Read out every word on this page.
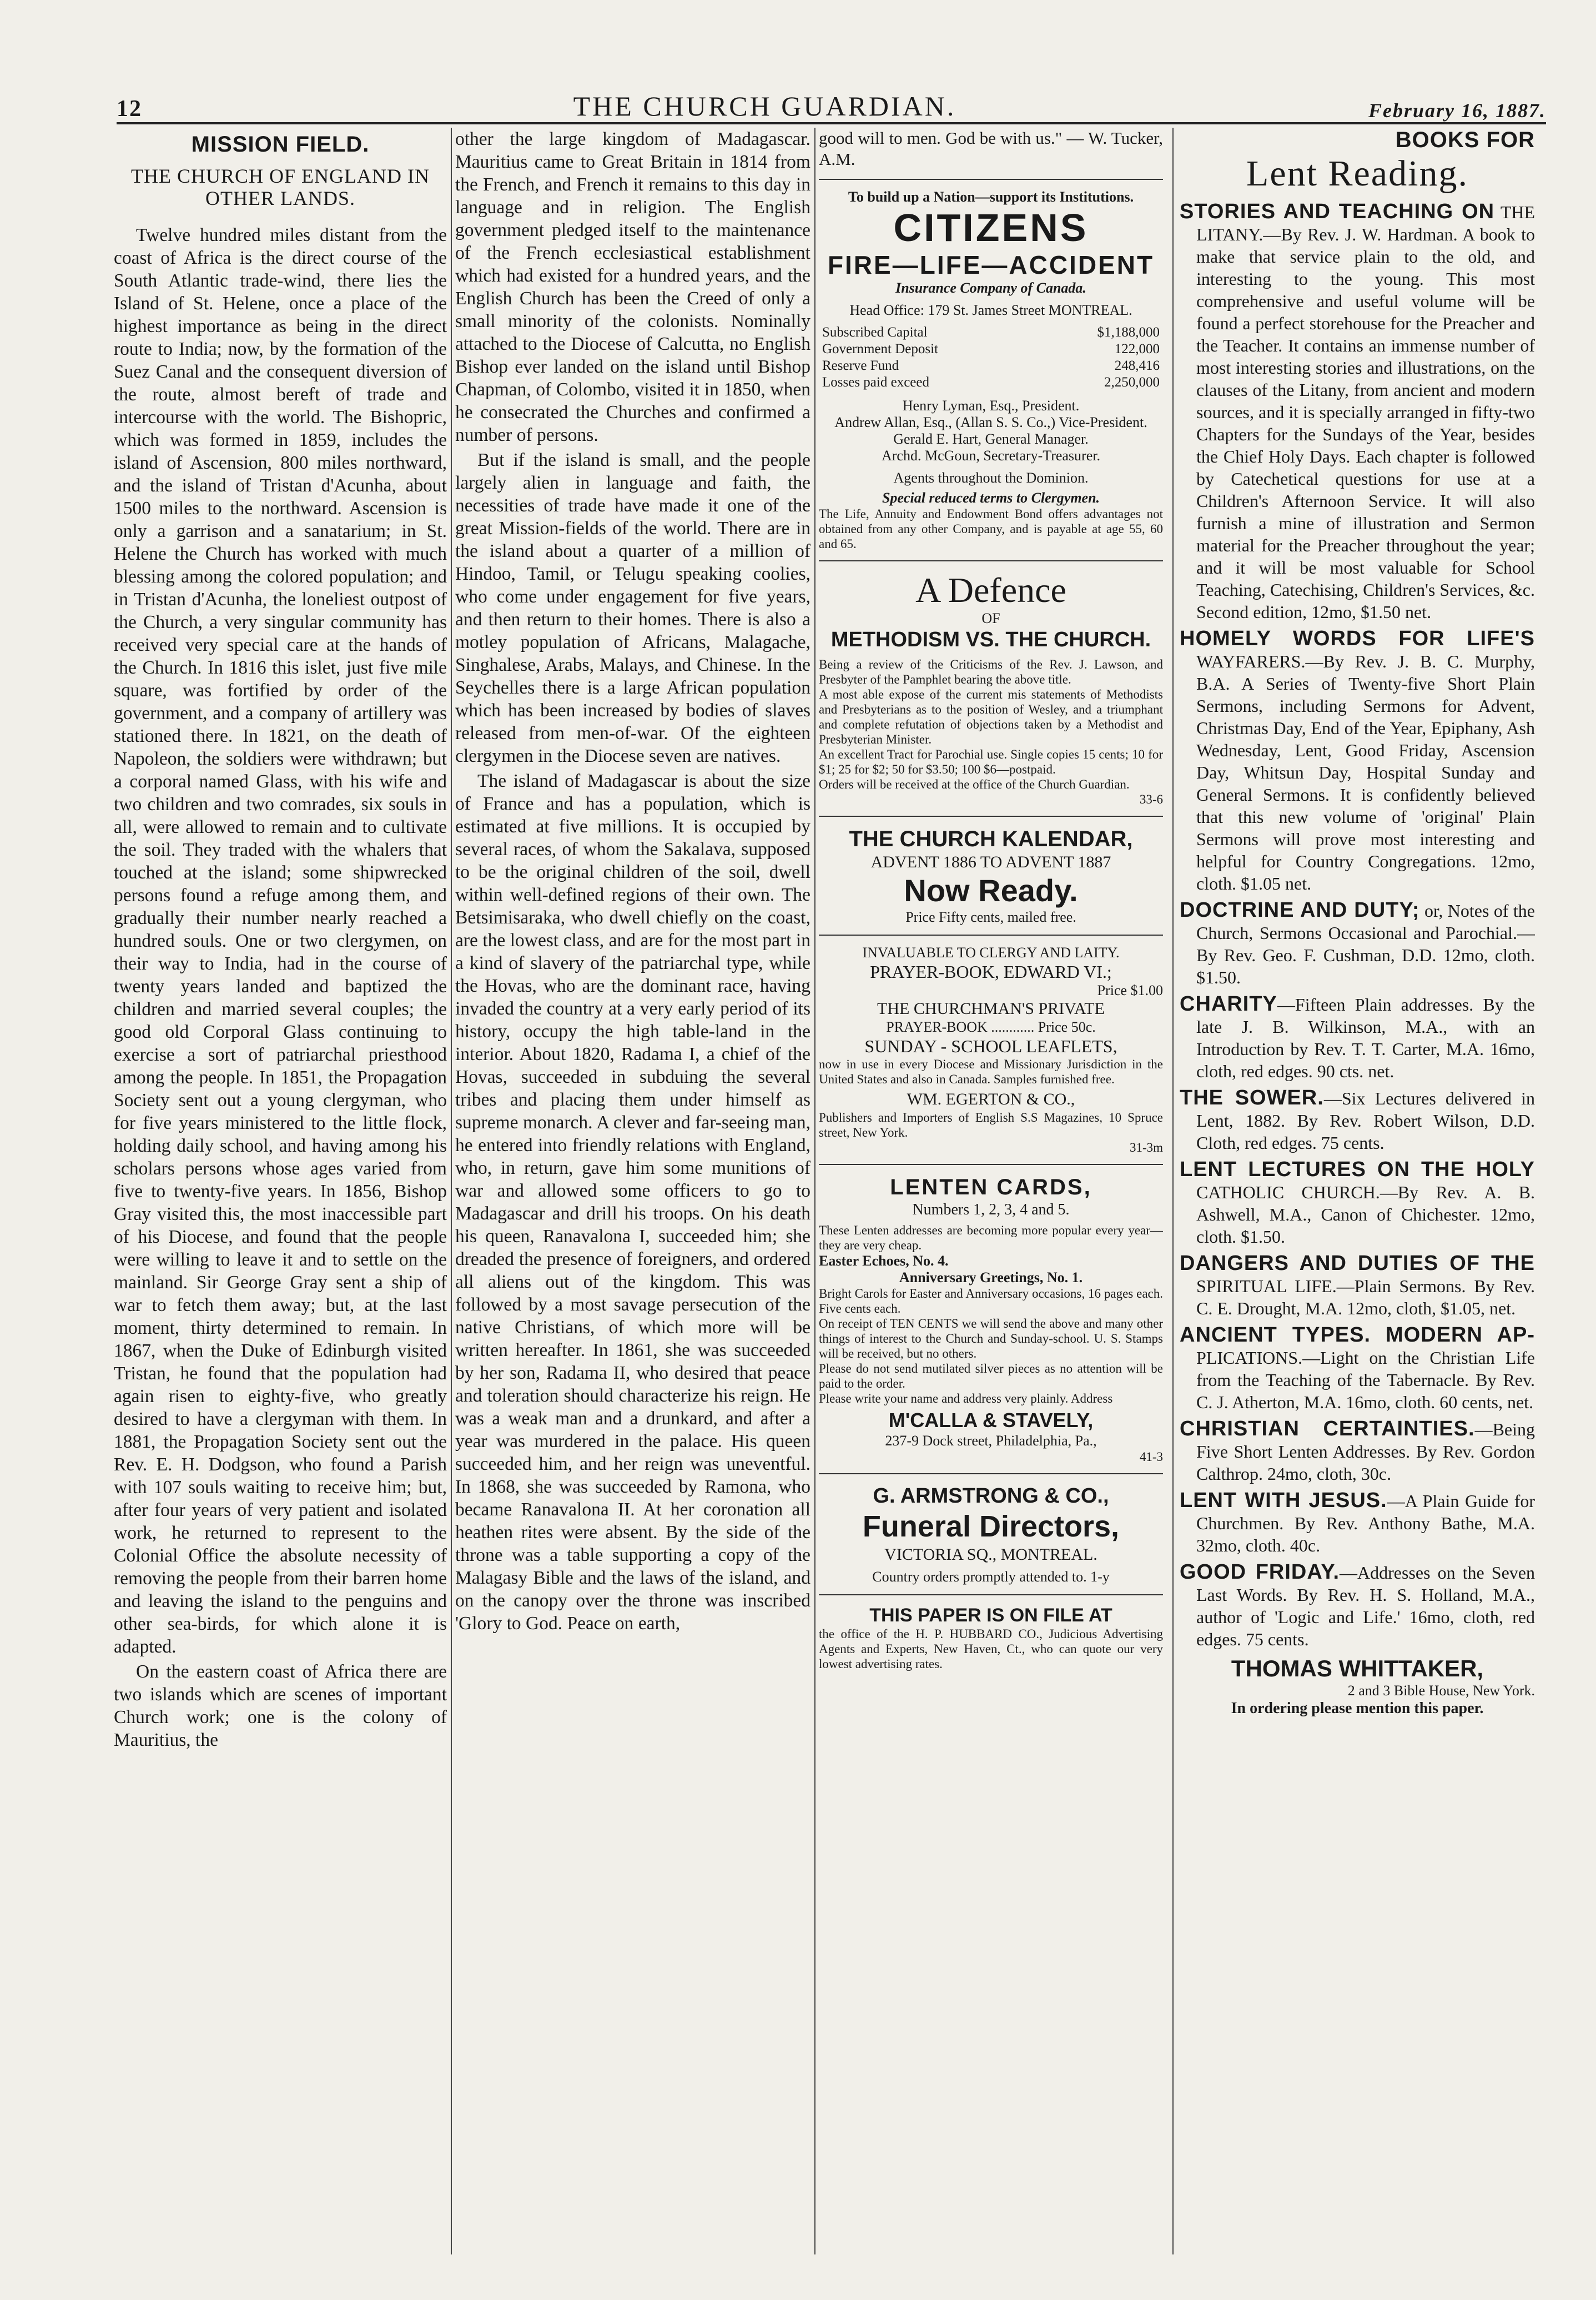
12	THE CHURCH GUARDIAN.	February 16, 1887.
MISSION FIELD.
THE CHURCH OF ENGLAND IN OTHER LANDS.

Twelve hundred miles distant from the coast of Africa is the direct course of the South Atlantic trade-wind, there lies the Island of St. Helene, once a place of the highest importance as being in the direct route to India; now, by the formation of the Suez Canal and the consequent diversion of the route, almost bereft of trade and intercourse with the world. The Bishopric, which was formed in 1859, includes the island of Ascension, 800 miles northward, and the island of Tristan d'Acunha, about 1500 miles to the northward. Ascension is only a garrison and a sanatarium; in St. Helene the Church has worked with much blessing among the colored population; and in Tristan d'Acunha, the loneliest outpost of the Church, a very singular community has received very special care at the hands of the Church. In 1816 this islet, just five mile square, was fortified by order of the government, and a company of artillery was stationed there. In 1821, on the death of Napoleon, the soldiers were withdrawn; but a corporal named Glass, with his wife and two children and two comrades, six souls in all, were allowed to remain and to cultivate the soil. They traded with the whalers that touched at the island; some shipwrecked persons found a refuge among them, and gradually their number nearly reached a hundred souls. One or two clergymen, on their way to India, had in the course of twenty years landed and baptized the children and married several couples; the good old Corporal Glass continuing to exercise a sort of patriarchal priesthood among the people. In 1851, the Propagation Society sent out a young clergyman, who for five years ministered to the little flock, holding daily school, and having among his scholars persons whose ages varied from five to twenty-five years. In 1856, Bishop Gray visited this, the most inaccessible part of his Diocese, and found that the people were willing to leave it and to settle on the mainland. Sir George Gray sent a ship of war to fetch them away; but, at the last moment, thirty determined to remain. In 1867, when the Duke of Edinburgh visited Tristan, he found that the population had again risen to eighty-five, who greatly desired to have a clergyman with them. In 1881, the Propagation Society sent out the Rev. E. H. Dodgson, who found a Parish with 107 souls waiting to receive him; but, after four years of very patient and isolated work, he returned to represent to the Colonial Office the absolute necessity of removing the people from their barren home and leaving the island to the penguins and other sea-birds, for which alone it is adapted.

On the eastern coast of Africa there are two islands which are scenes of important Church work; one is the colony of Mauritius, the

other the large kingdom of Madagascar. Mauritius came to Great Britain in 1814 from the French, and French it remains to this day in language and in religion. The English government pledged itself to the maintenance of the French ecclesiastical establishment which had existed for a hundred years, and the English Church has been the Creed of only a small minority of the colonists. Nominally attached to the Diocese of Calcutta, no English Bishop ever landed on the island until Bishop Chapman, of Colombo, visited it in 1850, when he consecrated the Churches and confirmed a number of persons.

But if the island is small, and the people largely alien in language and faith, the necessities of trade have made it one of the great Mission-fields of the world. There are in the island about a quarter of a million of Hindoo, Tamil, or Telugu speaking coolies, who come under engagement for five years, and then return to their homes. There is also a motley population of Africans, Malagache, Singhalese, Arabs, Malays, and Chinese. In the Seychelles there is a large African population which has been increased by bodies of slaves released from men-of-war. Of the eighteen clergymen in the Diocese seven are natives.

The island of Madagascar is about the size of France and has a population, which is estimated at five millions. It is occupied by several races, of whom the Sakalava, supposed to be the original children of the soil, dwell within well-defined regions of their own. The Betsimisaraka, who dwell chiefly on the coast, are the lowest class, and are for the most part in a kind of slavery of the patriarchal type, while the Hovas, who are the dominant race, having invaded the country at a very early period of its history, occupy the high table-land in the interior. About 1820, Radama I, a chief of the Hovas, succeeded in subduing the several tribes and placing them under himself as supreme monarch. A clever and far-seeing man, he entered into friendly relations with England, who, in return, gave him some munitions of war and allowed some officers to go to Madagascar and drill his troops. On his death his queen, Ranavalona I, succeeded him; she dreaded the presence of foreigners, and ordered all aliens out of the kingdom. This was followed by a most savage persecution of the native Christians, of which more will be written hereafter. In 1861, she was succeeded by her son, Radama II, who desired that peace and toleration should characterize his reign. He was a weak man and a drunkard, and after a year was murdered in the palace. His queen succeeded him, and her reign was uneventful. In 1868, she was succeeded by Ramona, who became Ranavalona II. At her coronation all heathen rites were absent. By the side of the throne was a table supporting a copy of the Malagasy Bible and the laws of the island, and on the canopy over the throne was inscribed 'Glory to God. Peace on earth,

good will to men. God be with us." — W. Tucker, A.M.

To build up a Nation—support its Institutions.
CITIZENS
FIRE—LIFE—ACCIDENT
Insurance Company of Canada.
Head Office: 179 St. James Street MONTREAL.
Subscribed Capital	$1,188,000
Government Deposit	122,000
Reserve Fund	248,416
Losses paid exceed	2,250,000
Henry Lyman, Esq., President.
Andrew Allan, Esq., (Allan S. S. Co.,) Vice-President.
Gerald E. Hart, General Manager.
Archd. McGoun, Secretary-Treasurer.
Agents throughout the Dominion.
Special reduced terms to Clergymen.
The Life, Annuity and Endowment Bond offers advantages not obtained from any other Company, and is payable at age 55, 60 and 65.
A Defence
OF
METHODISM VS. THE CHURCH.
Being a review of the Criticisms of the Rev. J. Lawson, and Presbyter of the Pamphlet bearing the above title.
A most able expose of the current mis statements of Methodists and Presbyterians as to the position of Wesley, and a triumphant and complete refutation of objections taken by a Methodist and Presbyterian Minister.
An excellent Tract for Parochial use. Single copies 15 cents; 10 for $1; 25 for $2; 50 for $3.50; 100 $6—postpaid.
Orders will be received at the office of the Church Guardian.
33-6
THE CHURCH KALENDAR,
ADVENT 1886 TO ADVENT 1887
Now Ready.
Price Fifty cents, mailed free.
INVALUABLE TO CLERGY AND LAITY.
PRAYER-BOOK, EDWARD VI.;
Price $1.00
THE CHURCHMAN'S PRIVATE
PRAYER-BOOK ............ Price 50c.
SUNDAY - SCHOOL LEAFLETS,
now in use in every Diocese and Missionary Jurisdiction in the United States and also in Canada. Samples furnished free.
WM. EGERTON & CO.,
Publishers and Importers of English S.S Magazines, 10 Spruce street, New York.
31-3m
LENTEN CARDS,
Numbers 1, 2, 3, 4 and 5.
These Lenten addresses are becoming more popular every year—they are very cheap.
Easter Echoes, No. 4.
Anniversary Greetings, No. 1.
Bright Carols for Easter and Anniversary occasions, 16 pages each. Five cents each.
On receipt of TEN CENTS we will send the above and many other things of interest to the Church and Sunday-school. U. S. Stamps will be received, but no others.
Please do not send mutilated silver pieces as no attention will be paid to the order.
Please write your name and address very plainly. Address
M'CALLA & STAVELY,
237-9 Dock street, Philadelphia, Pa.,
41-3
G. ARMSTRONG & CO.,
Funeral Directors,
VICTORIA SQ., MONTREAL.
Country orders promptly attended to. 1-y
THIS PAPER IS ON FILE AT
the office of the H. P. HUBBARD CO., Judicious Advertising Agents and Experts, New Haven, Ct., who can quote our very lowest advertising rates.
BOOKS FOR
Lent Reading.

STORIES AND TEACHING ON THE LITANY.—By Rev. J. W. Hardman. A book to make that service plain to the old, and interesting to the young. This most comprehensive and useful volume will be found a perfect storehouse for the Preacher and the Teacher. It contains an immense number of most interesting stories and illustrations, on the clauses of the Litany, from ancient and modern sources, and it is specially arranged in fifty-two Chapters for the Sundays of the Year, besides the Chief Holy Days. Each chapter is followed by Catechetical questions for use at a Children's Afternoon Service. It will also furnish a mine of illustration and Sermon material for the Preacher throughout the year; and it will be most valuable for School Teaching, Catechising, Children's Services, &c. Second edition, 12mo, $1.50 net.

HOMELY WORDS FOR LIFE'S WAYFARERS.—By Rev. J. B. C. Murphy, B.A. A Series of Twenty-five Short Plain Sermons, including Sermons for Advent, Christmas Day, End of the Year, Epiphany, Ash Wednesday, Lent, Good Friday, Ascension Day, Whitsun Day, Hospital Sunday and General Sermons. It is confidently believed that this new volume of 'original' Plain Sermons will prove most interesting and helpful for Country Congregations. 12mo, cloth. $1.05 net.

DOCTRINE AND DUTY; or, Notes of the Church, Sermons Occasional and Parochial.—By Rev. Geo. F. Cushman, D.D. 12mo, cloth. $1.50.

CHARITY—Fifteen Plain addresses. By the late J. B. Wilkinson, M.A., with an Introduction by Rev. T. T. Carter, M.A. 16mo, cloth, red edges. 90 cts. net.

THE SOWER.—Six Lectures delivered in Lent, 1882. By Rev. Robert Wilson, D.D. Cloth, red edges. 75 cents.

LENT LECTURES ON THE HOLY CATHOLIC CHURCH.—By Rev. A. B. Ashwell, M.A., Canon of Chichester. 12mo, cloth. $1.50.

DANGERS AND DUTIES OF THE SPIRITUAL LIFE.—Plain Sermons. By Rev. C. E. Drought, M.A. 12mo, cloth, $1.05, net.

ANCIENT TYPES. MODERN AP- PLICATIONS.—Light on the Christian Life from the Teaching of the Tabernacle. By Rev. C. J. Atherton, M.A. 16mo, cloth. 60 cents, net.

CHRISTIAN CERTAINTIES.—Being Five Short Lenten Addresses. By Rev. Gordon Calthrop. 24mo, cloth, 30c.

LENT WITH JESUS.—A Plain Guide for Churchmen. By Rev. Anthony Bathe, M.A. 32mo, cloth. 40c.

GOOD FRIDAY.—Addresses on the Seven Last Words. By Rev. H. S. Holland, M.A., author of 'Logic and Life.' 16mo, cloth, red edges. 75 cents.

THOMAS WHITTAKER,
2 and 3 Bible House, New York.
In ordering please mention this paper.
